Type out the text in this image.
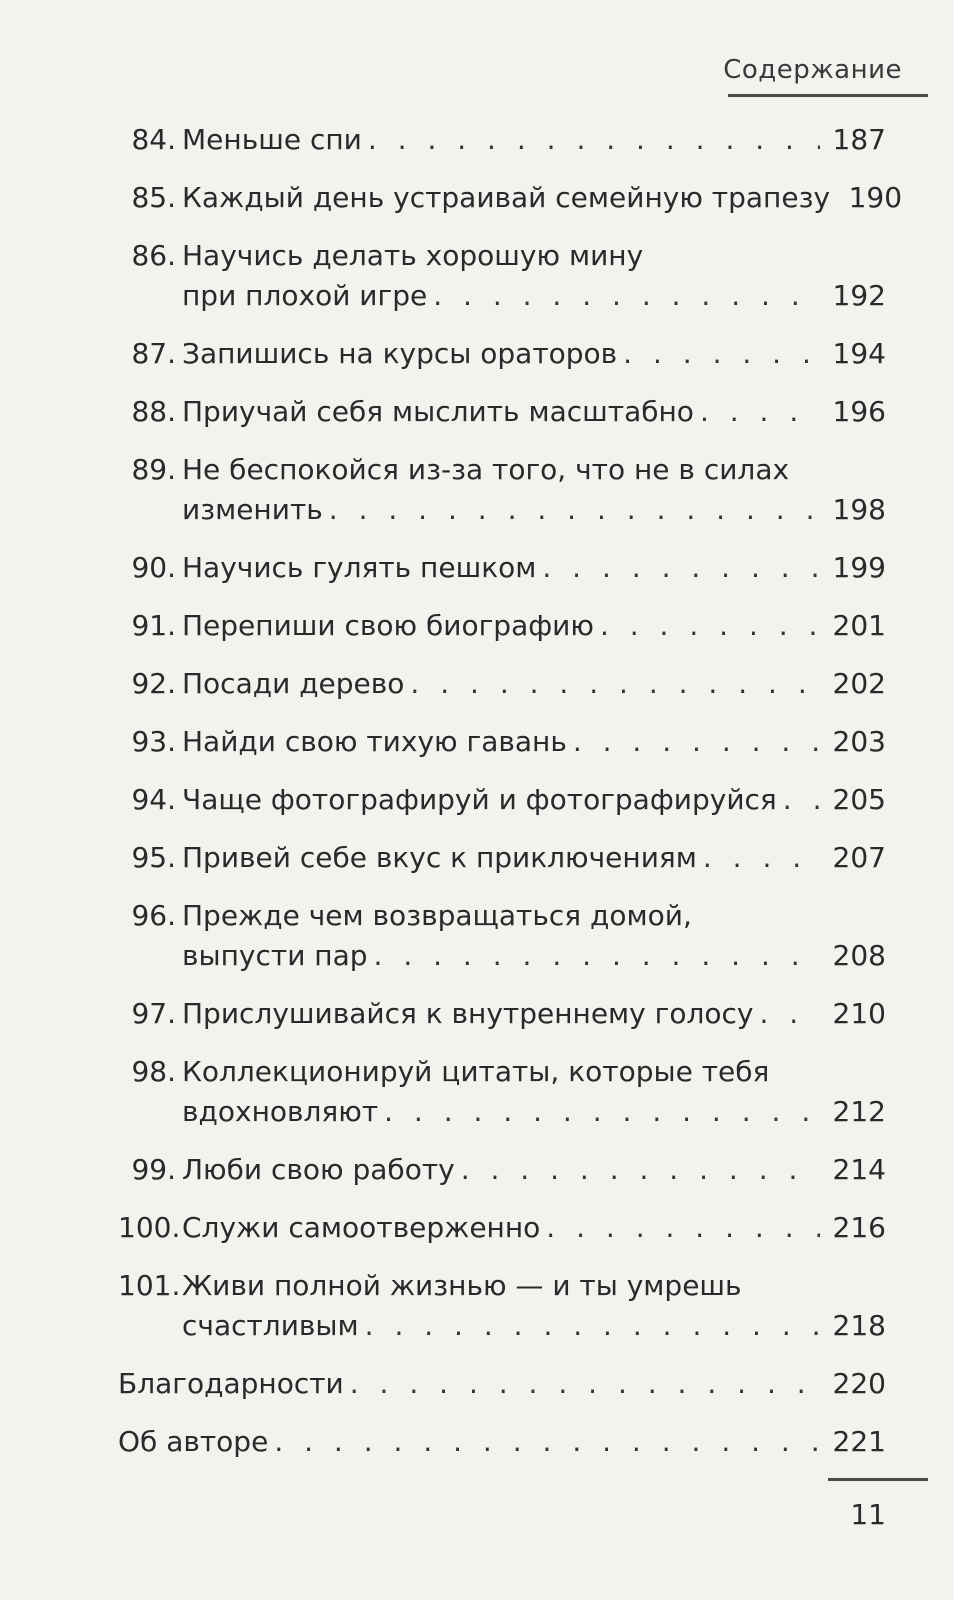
Содержание
84. Меньше спи . . .	187
85. Каждый день устраивай семейную трапезу 190
86. Научись делать хорошую мину
при плохой игре . . .	192
87. Запишись на курсы ораторов . . .	194
88. Приучай себя мыслить масштабно . . .	196
89. Не беспокойся из-за того, что не в силах
изменить . . .	198
90. Научись гулять пешком . . .	199
91. Перепиши свою биографию . . .	201
92. Посади дерево . . .	202
93. Найди свою тихую гавань . . .	203
94. Чаще фотографируй и фотографируйся . . . 205
95. Привей себе вкус к приключениям . . .	207
96. Прежде чем возвращаться домой,
выпусти пар . . .	208
97. Прислушивайся к внутреннему голосу . . .	210
98. Коллекционируй цитаты, которые тебя
вдохновляют . . .	212
99. Люби свою работу . . .	214
100. Служи самоотверженно . . .	216
101. Живи полной жизнью — и ты умрешь
счастливым . . .	218
Благодарности . . .	220
Об авторе . . .	221
11
